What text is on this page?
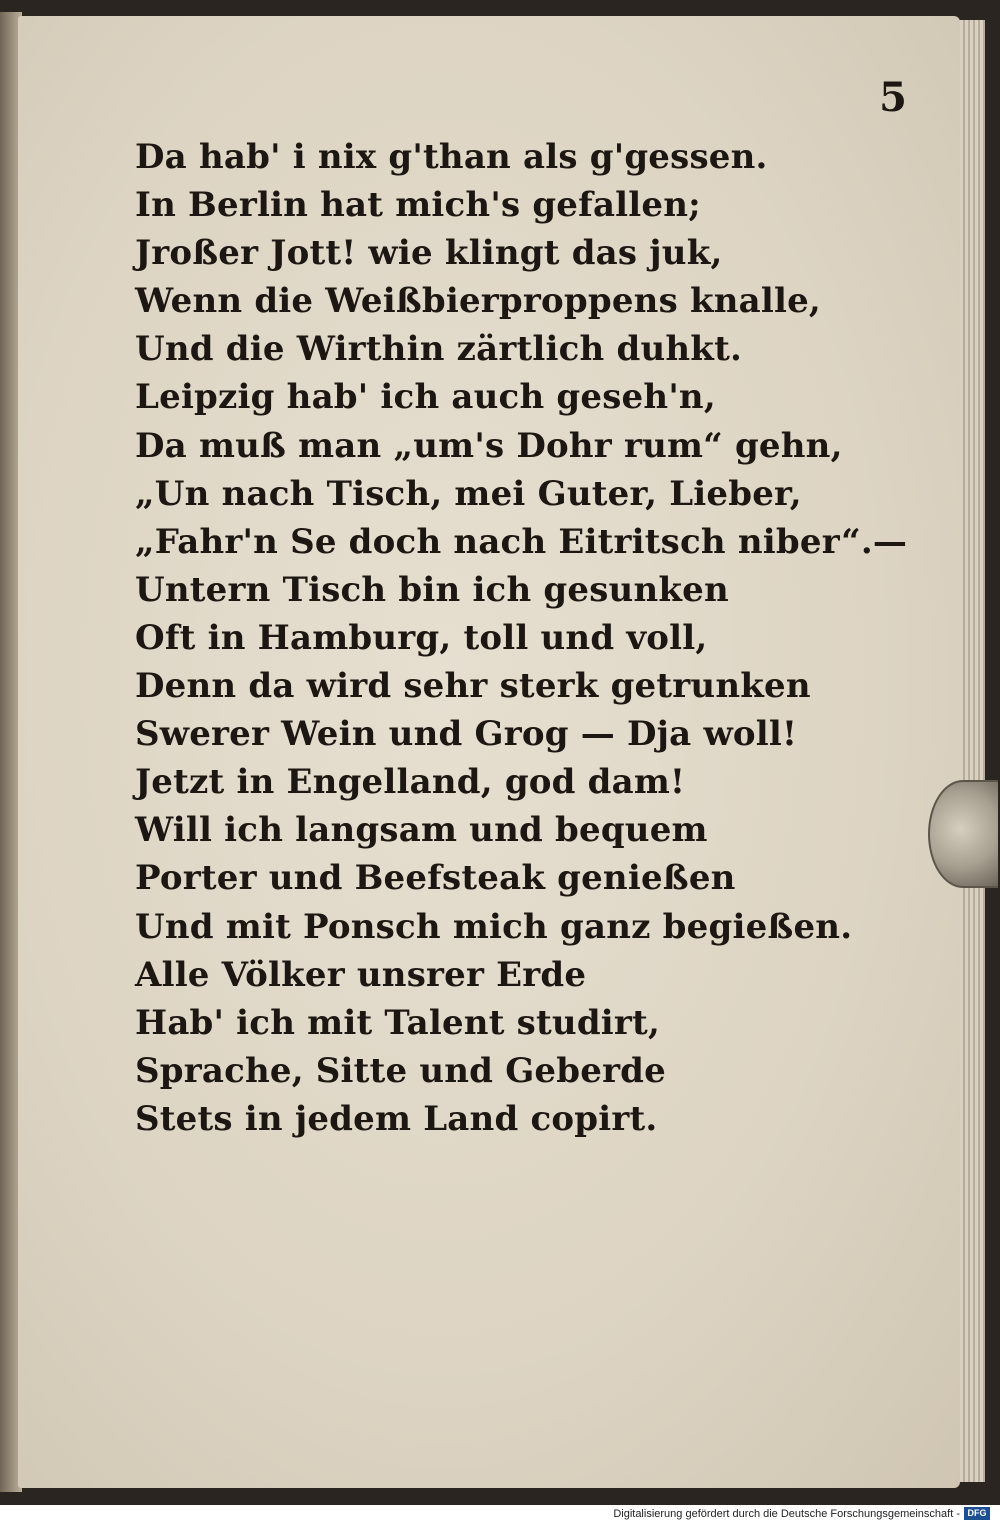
5
Da hab' i nix g'than als g'gessen.
In Berlin hat mich's gefallen;
Jroßer Jott! wie klingt das juk,
Wenn die Weißbierproppens knalle,
Und die Wirthin zärtlich duhkt.
Leipzig hab' ich auch geseh'n,
Da muß man „um's Dohr rum“ gehn,
„Un nach Tisch, mei Guter, Lieber,
„Fahr'n Se doch nach Eitritsch niber“.—
Untern Tisch bin ich gesunken
Oft in Hamburg, toll und voll,
Denn da wird sehr sterk getrunken
Swerer Wein und Grog — Dja woll!
Jetzt in Engelland, god dam!
Will ich langsam und bequem
Porter und Beefsteak genießen
Und mit Ponsch mich ganz begießen.
Alle Völker unsrer Erde
Hab' ich mit Talent studirt,
Sprache, Sitte und Geberde
Stets in jedem Land copirt.
Digitalisierung gefördert durch die Deutsche Forschungsgemeinschaft - DFG
